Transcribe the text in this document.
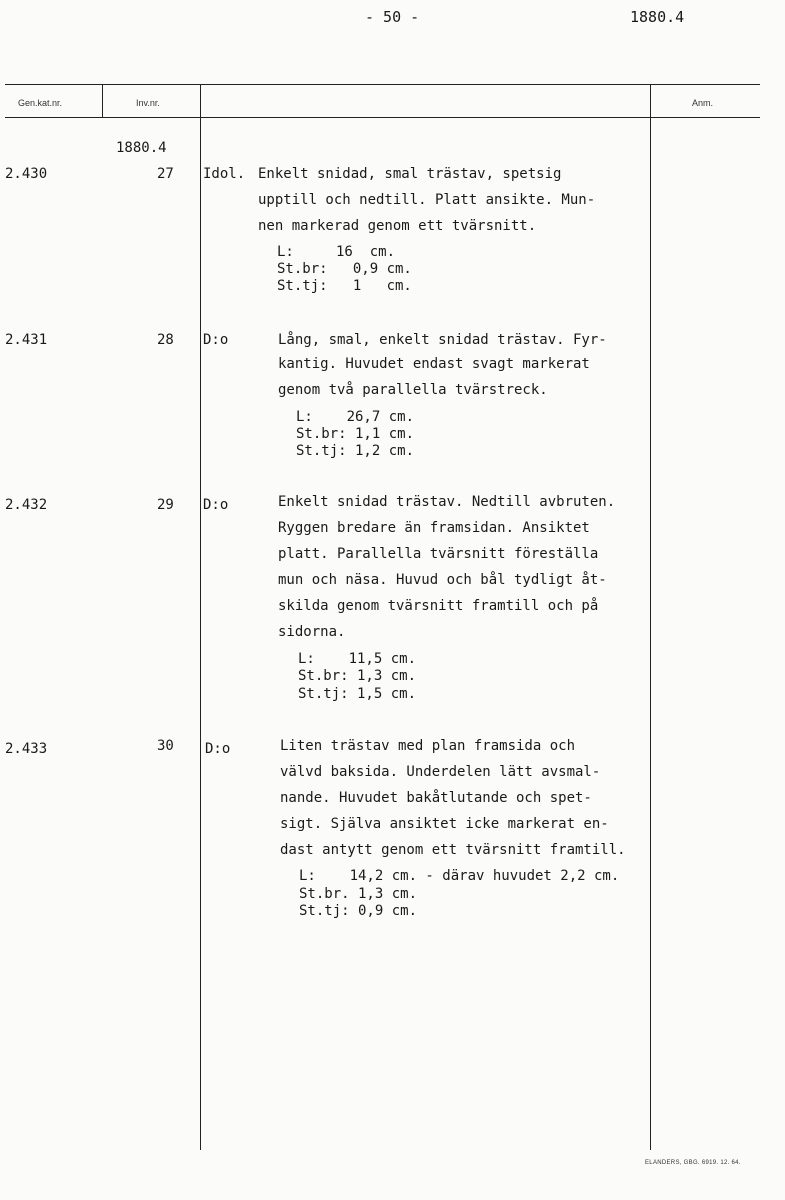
- 50 -	1880.4
Gen.kat.nr.	Inv.nr.	Anm.
1880.4
2.430	27 Idol. Enkelt snidad, smal trästav, spetsig
upptill och nedtill. Platt ansikte. Mun-
nen markerad genom ett tvärsnitt.
L:     16  cm.
St.br:   0,9 cm.
St.tj:   1   cm.
2.431	28 D:o	Lång, smal, enkelt snidad trästav. Fyr-
kantig. Huvudet endast svagt markerat
genom två parallella tvärstreck.
L:    26,7 cm.
St.br: 1,1 cm.
St.tj: 1,2 cm.
2.432	29 D:o	Enkelt snidad trästav. Nedtill avbruten.
Ryggen bredare än framsidan. Ansiktet
platt. Parallella tvärsnitt föreställa
mun och näsa. Huvud och bål tydligt åt-
skilda genom tvärsnitt framtill och på
sidorna.
L:    11,5 cm.
St.br: 1,3 cm.
St.tj: 1,5 cm.
2.433	30 D:o	Liten trästav med plan framsida och
välvd baksida. Underdelen lätt avsmal-
nande. Huvudet bakåtlutande och spet-
sigt. Själva ansiktet icke markerat en-
dast antytt genom ett tvärsnitt framtill.
L:    14,2 cm. - därav huvudet 2,2 cm.
St.br. 1,3 cm.
St.tj: 0,9 cm.
ELANDERS, GBG. 6919. 12. 64.
